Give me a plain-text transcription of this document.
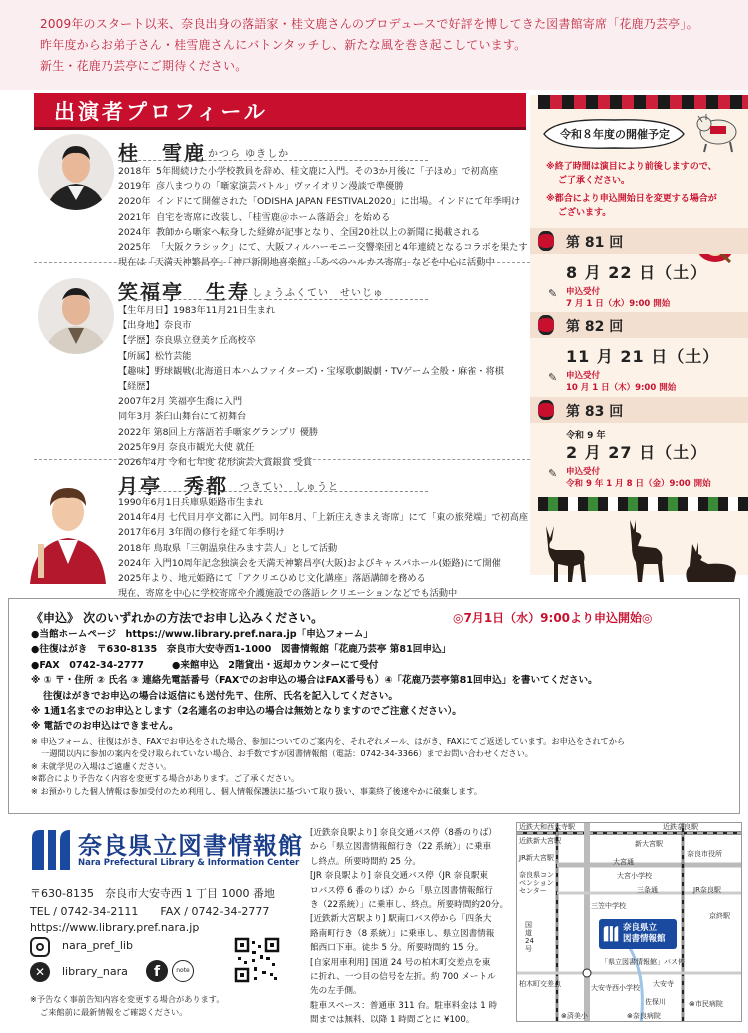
2009年のスタート以来、奈良出身の落語家・桂文鹿さんのプロデュースで好評を博してきた図書館寄席「花鹿乃芸亭」。

昨年度からお弟子さん・桂雪鹿さんにバトンタッチし、新たな風を巻き起こしています。

新生・花鹿乃芸亭にご期待ください。

出演者プロフィール
桂　雪鹿 かつら ゆきしか
2018年 5年間続けた小学校教員を辞め、桂文鹿に入門。その3か月後に「子ほめ」で初高座
2019年 彦八まつりの「噺家演芸バトル」ヴァイオリン漫談で準優勝
2020年 インドにて開催された「ODISHA JAPAN FESTIVAL2020」に出場。インドにて年季明け
2021年 自宅を寄席に改装し、「桂雪鹿＠ホーム落語会」を始める
2024年 教師から噺家へ転身した経緯が記事となり、全国20社以上の新聞に掲載される
2025年 「大阪クラシック」にて、大阪フィルハーモニー交響楽団と4年連続となるコラボを果たす
現在は「天満天神繁昌亭」「神戸新開地喜楽館」「あべのハルカス寄席」などを中心に活動中
笑福亭　生寿 しょうふくてい　せいじゅ
【生年月日】1983年11月21日生まれ
【出身地】奈良市
【学歴】奈良県立登美ケ丘高校卒
【所属】松竹芸能
【趣味】野球観戦(北海道日本ハムファイターズ)・宝塚歌劇観劇・TVゲーム全般・麻雀・将棋
【経歴】
2007年2月 笑福亭生喬に入門
同年3月 茶臼山舞台にて初舞台
2022年 第8回上方落語若手噺家グランプリ 優勝
2025年9月 奈良市観光大使 就任
2026年4月 令和七年度 花形演芸大賞銀賞 受賞
月亭　秀都 つきてい　しゅうと
1990年6月1日兵庫県姫路市生まれ
2014年4月 七代目月亭文都に入門。同年8月、「上新庄えきまえ寄席」にて「東の旅発端」で初高座
2017年6月 3年間の修行を経て年季明け
2018年 鳥取県「三朝温泉住みます芸人」として活動
2024年 入門10周年記念独演会を天満天神繁昌亭(大阪)およびキャスパホール(姫路)にて開催
2025年より、地元姫路にて「アクリエひめじ文化講座」落語講師を務める
現在、寄席を中心に学校寄席や介護施設での落語レクリエーションなどでも活動中
令和８年度の開催予定
※終了時間は演目により前後しますので、
ご了承ください。
※都合により申込開始日を変更する場合が
ございます。
第 81 回
8 月 22 日（土）
✎ 申込受付
7 月 1 日（水）9:00 開始
第 82 回
11 月 21 日（土）
✎ 申込受付
10 月 1 日（木）9:00 開始
第 83 回
令和 9 年
2 月 27 日（土）
✎ 申込受付
令和 9 年 1 月 8 日（金）9:00 開始
《申込》 次のいずれかの方法でお申し込みください。	◎7月1日（水）9:00より申込開始◎
●当館ホームページ　https://www.library.pref.nara.jp「申込フォーム」
●往復はがき　〒630-8135　奈良市大安寺西1-1000　図書情報館「花鹿乃芸亭 第81回申込」
●FAX　0742-34-2777	●来館申込　2階貸出・返却カウンターにて受付
※ ① 〒・住所 ② 氏名 ③ 連絡先電話番号（FAXでのお申込の場合はFAX番号も）④「花鹿乃芸亭第81回申込」を書いてください。
往復はがきでお申込の場合は返信にも送付先〒、住所、氏名を記入してください。
※ 1通1名までのお申込とします（2名連名のお申込の場合は無効となりますのでご注意ください）。
※ 電話でのお申込はできません。
※ 申込フォーム、往復はがき、FAXでお申込をされた場合、参加についてのご案内を、それぞれメール、はがき、FAXにてご返送しています。お申込をされてから
一週間以内に参加の案内を受け取られていない場合、お手数ですが図書情報館（電話：0742-34-3366）までお問い合わせください。
※ 未就学児の入場はご遠慮ください。
※都合により予告なく内容を変更する場合があります。ご了承ください。
※ お預かりした個人情報は参加受付のため利用し、個人情報保護法に基づいて取り扱い、事業終了後速やかに破棄します。
奈良県立図書情報館
Nara Prefectural Library & Information Center
〒630-8135　奈良市大安寺西 1 丁目 1000 番地
TEL / 0742-34-2111　　FAX / 0742-34-2777
https://www.library.pref.nara.jp
nara_pref_lib
✕	library_nara	f	note
※予告なく事前告知内容を変更する場合があります。
ご来館前に最新情報をご確認ください。
[近鉄奈良駅より] 奈良交通バス停（8番のりば）
から「県立図書情報館行き（22 系統）」に乗車
し終点。所要時間約 25 分。
[JR 奈良駅より] 奈良交通バス停（JR 奈良駅東
ロバス停 6 番のりば）から「県立図書情報館行
き（22系統）」に乗車し、終点。所要時間約20分。
[近鉄新大宮駅より] 駅南口バス停から「四条大
路南町行き（8 系統）」に乗車し、県立図書情報
館西口下車。徒歩 5 分。所要時間約 15 分。
[自家用車利用] 国道 24 号の柏木町交差点を東
に折れ、一つ目の信号を左折。約 700 メートル
先の左手側。
駐車スペース：普通車 311 台。駐車料金は 1 時
間までは無料、以降 1 時間ごとに ¥100。
近鉄大和西大寺駅	近鉄奈良駅
近鉄新大宮駅	新大宮駅
JR新大宮駅	奈良市役所
JR奈良駅
奈良県コンベンションセンター
大宮通
大宮小学校
三条通
三笠中学校
国道24号
京終駅
奈良県立
図書情報館
「県立図書情報館」バス停
大安寺西小学校
柏木町交差点	大安寺
佐保川
⊗済美小	⊗奈良病院
⊗市民病院
